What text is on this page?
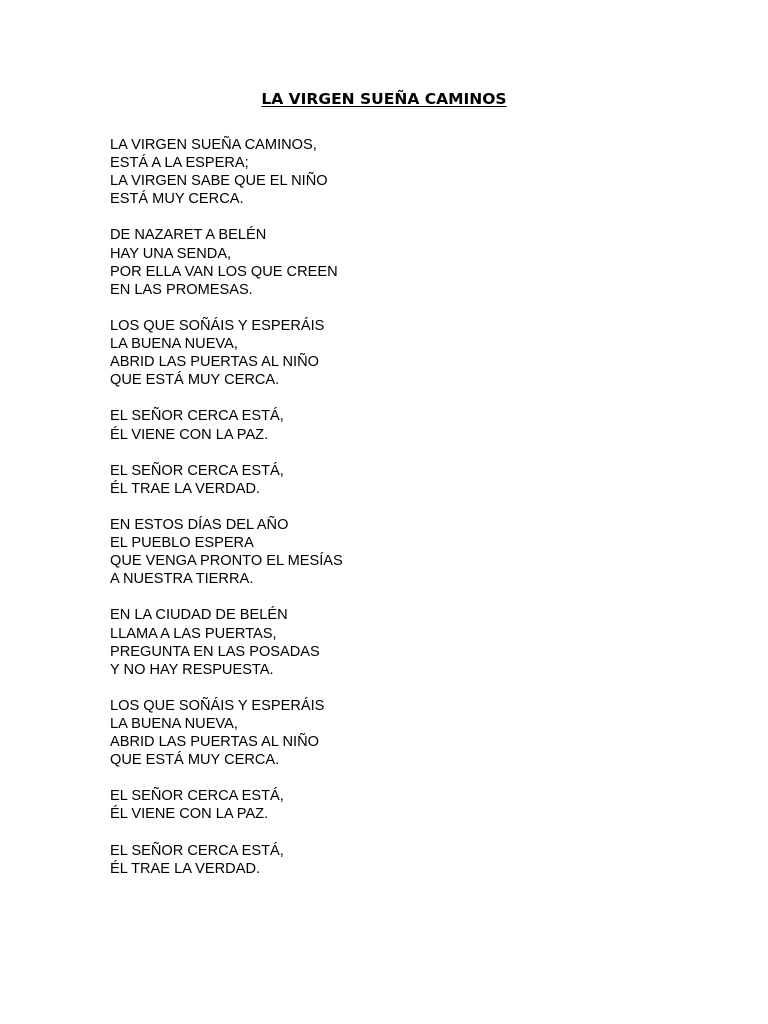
LA VIRGEN SUEÑA CAMINOS

LA VIRGEN SUEÑA CAMINOS,
ESTÁ A LA ESPERA;
LA VIRGEN SABE QUE EL NIÑO
ESTÁ MUY CERCA.

DE NAZARET A BELÉN
HAY UNA SENDA,
POR ELLA VAN LOS QUE CREEN
EN LAS PROMESAS.

LOS QUE SOÑÁIS Y ESPERÁIS
LA BUENA NUEVA,
ABRID LAS PUERTAS AL NIÑO
QUE ESTÁ MUY CERCA.

EL SEÑOR CERCA ESTÁ,
ÉL VIENE CON LA PAZ.

EL SEÑOR CERCA ESTÁ,
ÉL TRAE LA VERDAD.

EN ESTOS DÍAS DEL AÑO
EL PUEBLO ESPERA
QUE VENGA PRONTO EL MESÍAS
A NUESTRA TIERRA.

EN LA CIUDAD DE BELÉN
LLAMA A LAS PUERTAS,
PREGUNTA EN LAS POSADAS
Y NO HAY RESPUESTA.

LOS QUE SOÑÁIS Y ESPERÁIS
LA BUENA NUEVA,
ABRID LAS PUERTAS AL NIÑO
QUE ESTÁ MUY CERCA.

EL SEÑOR CERCA ESTÁ,
ÉL VIENE CON LA PAZ.

EL SEÑOR CERCA ESTÁ,
ÉL TRAE LA VERDAD.
